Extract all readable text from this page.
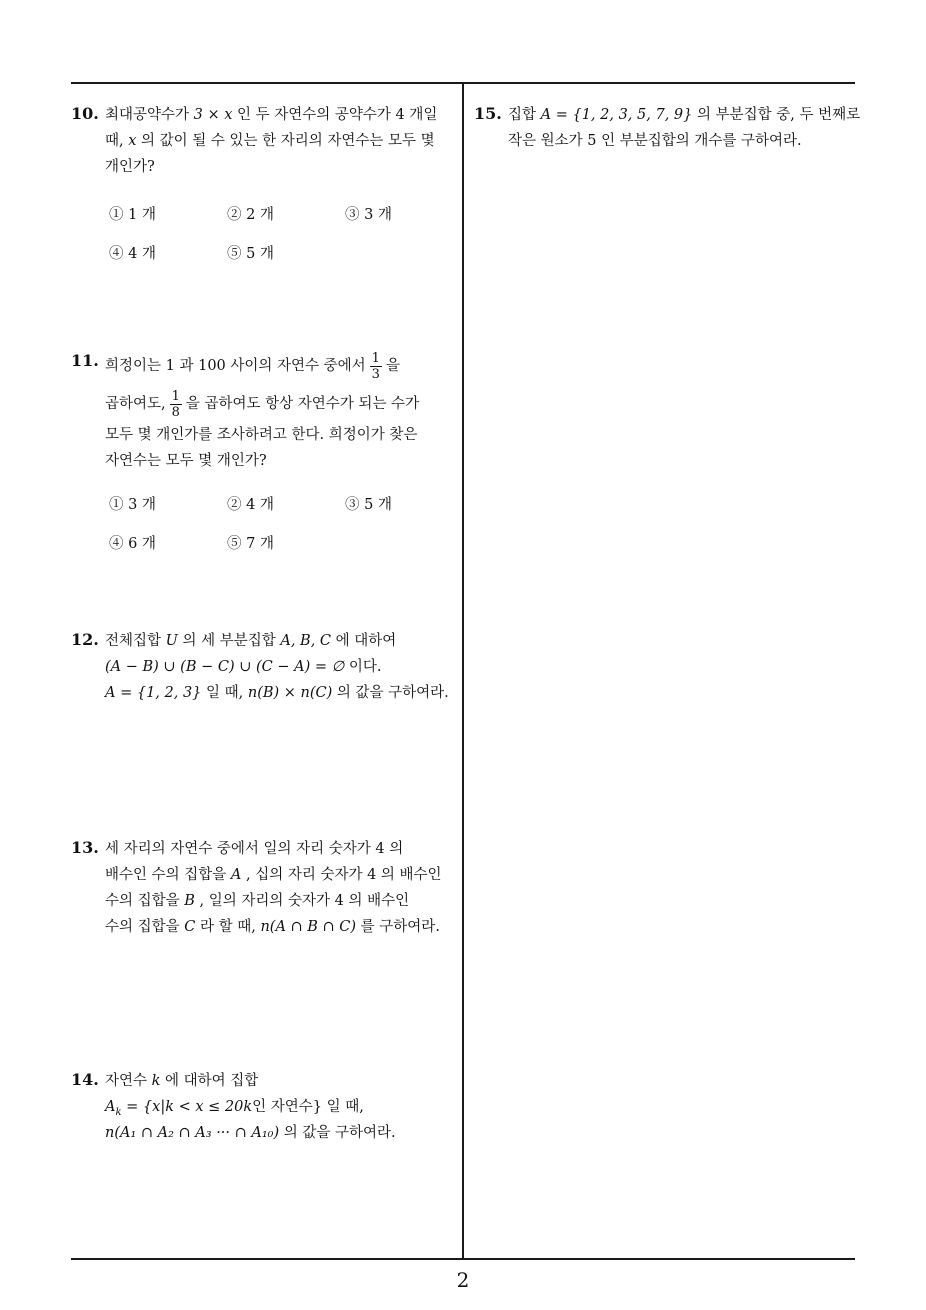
10. 최대공약수가 3 × x 인 두 자연수의 공약수가 4 개일
때, x 의 값이 될 수 있는 한 자리의 자연수는 모두 몇
개인가?
① 1 개	② 2 개	③ 3 개
④ 4 개	⑤ 5 개
11. 희정이는 1 과 100 사이의 자연수 중에서 $\frac{1}{3}$ 을
곱하여도, $\frac{1}{8}$ 을 곱하여도 항상 자연수가 되는 수가
모두 몇 개인가를 조사하려고 한다. 희정이가 찾은
자연수는 모두 몇 개인가?
① 3 개	② 4 개	③ 5 개
④ 6 개	⑤ 7 개
12. 전체집합 U 의 세 부분집합 A, B, C 에 대하여
(A − B) ∪ (B − C) ∪ (C − A) = ∅ 이다.
A = {1, 2, 3} 일 때, n(B) × n(C) 의 값을 구하여라.
13. 세 자리의 자연수 중에서 일의 자리 숫자가 4 의
배수인 수의 집합을 A , 십의 자리 숫자가 4 의 배수인
수의 집합을 B , 일의 자리의 숫자가 4 의 배수인
수의 집합을 C 라 할 때, n(A ∩ B ∩ C) 를 구하여라.
14. 자연수 k 에 대하여 집합
$A_k = \{x|k < x \le 20k$인 자연수} 일 때,
n(A₁ ∩ A₂ ∩ A₃ ··· ∩ A₁₀) 의 값을 구하여라.
15. 집합 A = {1, 2, 3, 5, 7, 9} 의 부분집합 중, 두 번째로
작은 원소가 5 인 부분집합의 개수를 구하여라.
2
